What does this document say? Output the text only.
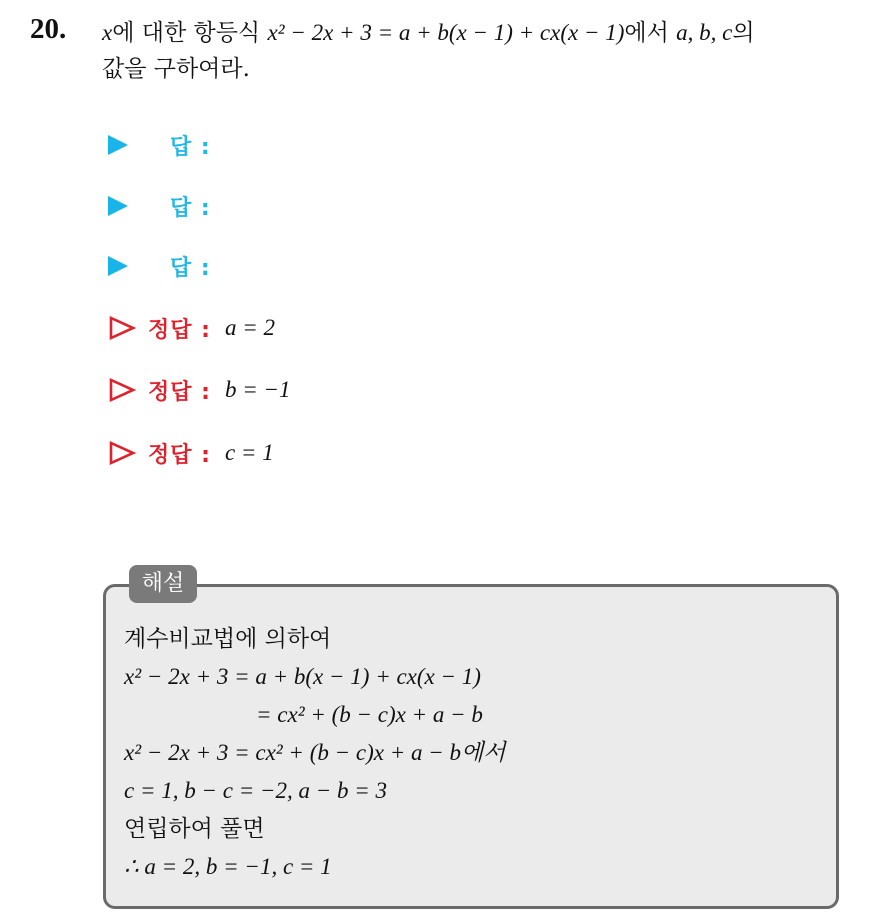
20. x에 대한 항등식 x² − 2x + 3 = a + b(x − 1) + cx(x − 1)에서 a, b, c의
값을 구하여라.
답 :
답 :
답 :
정답 : a = 2
정답 : b = −1
정답 : c = 1
해설
계수비교법에 의하여
x² − 2x + 3 = a + b(x − 1) + cx(x − 1)
= cx² + (b − c)x + a − b
x² − 2x + 3 = cx² + (b − c)x + a − b에서
c = 1, b − c = −2, a − b = 3
연립하여 풀면
∴ a = 2, b = −1, c = 1
